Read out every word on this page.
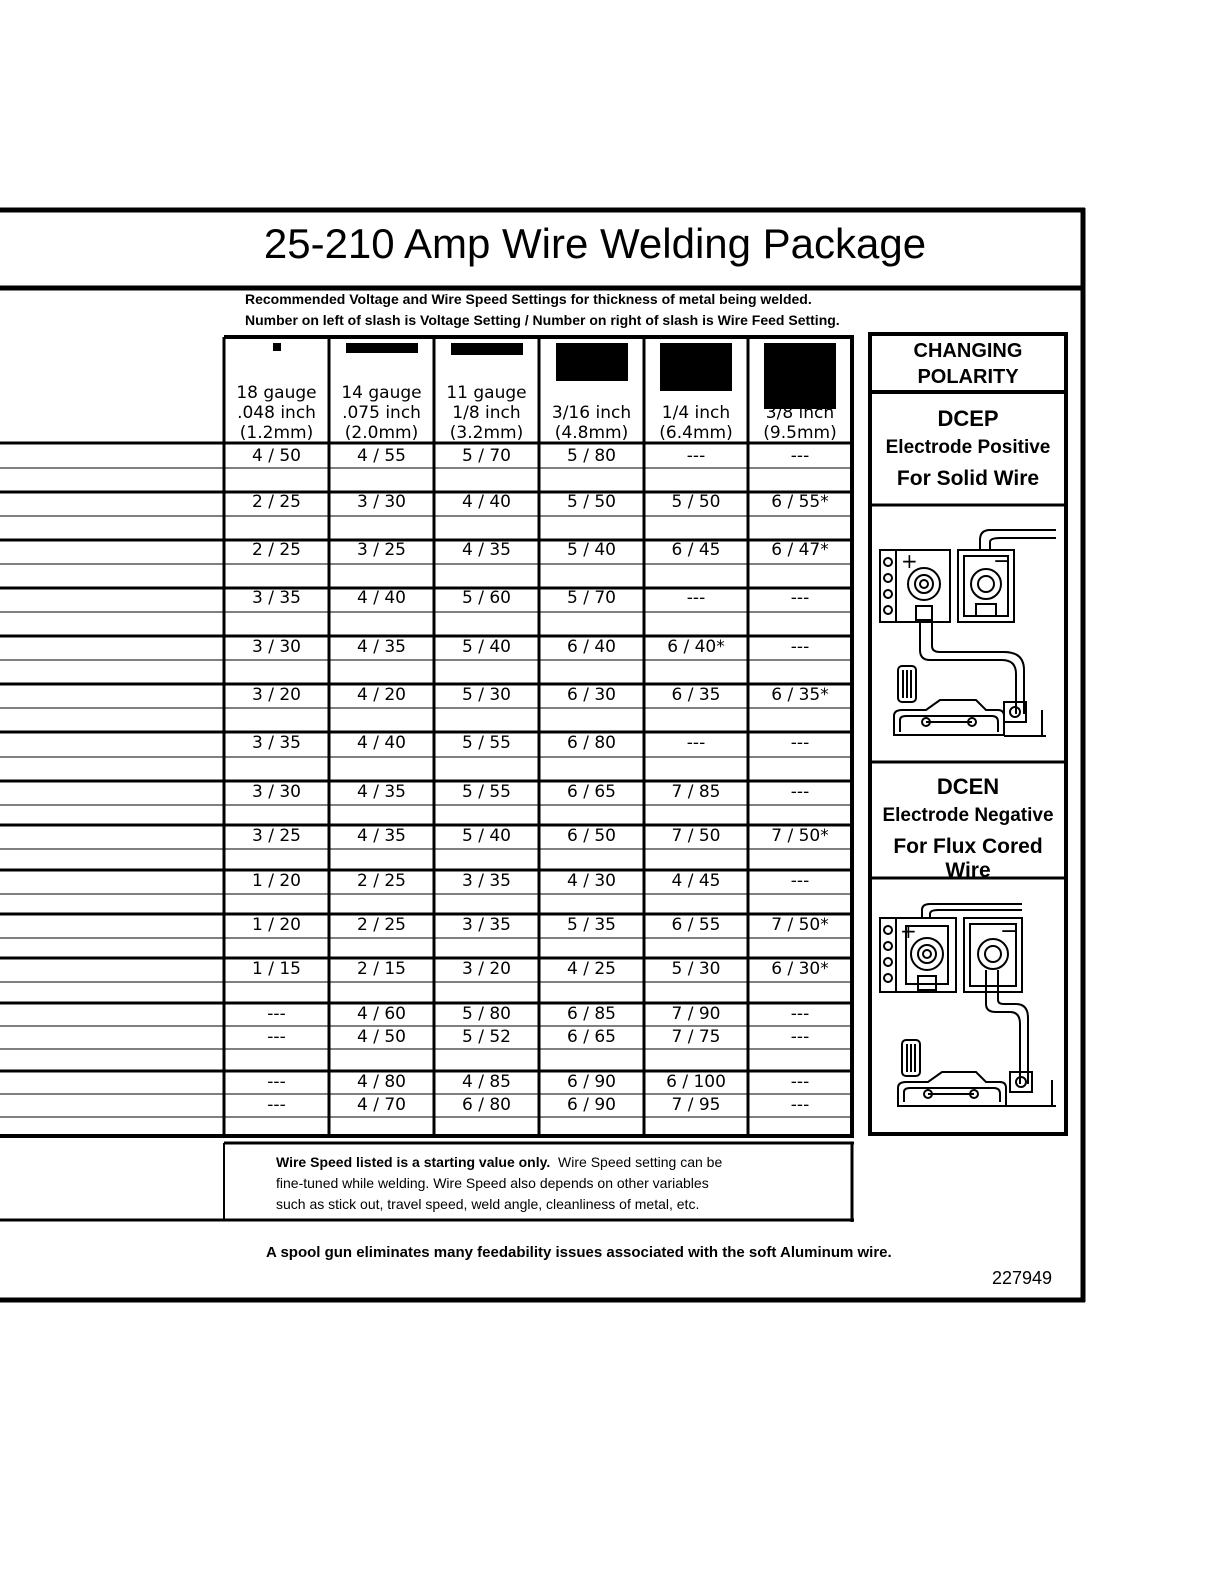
25-210 Amp Wire Welding Package
Recommended Voltage and Wire Speed Settings for thickness of metal being welded.
Number on left of slash is Voltage Setting / Number on right of slash is Wire Feed Setting.
18 gauge
.048 inch
(1.2mm)
14 gauge
.075 inch
(2.0mm)
11 gauge
1/8 inch
(3.2mm)

3/16 inch
(4.8mm)

1/4 inch
(6.4mm)

3/8 inch
(9.5mm)
4 / 50	4 / 55	5 / 70	5 / 80	---	---
2 / 25	3 / 30	4 / 40	5 / 50	5 / 50	6 / 55*
2 / 25	3 / 25	4 / 35	5 / 40	6 / 45	6 / 47*
3 / 35	4 / 40	5 / 60	5 / 70	---	---
3 / 30	4 / 35	5 / 40	6 / 40	6 / 40*	---
3 / 20	4 / 20	5 / 30	6 / 30	6 / 35	6 / 35*
3 / 35	4 / 40	5 / 55	6 / 80	---	---
3 / 30	4 / 35	5 / 55	6 / 65	7 / 85	---
3 / 25	4 / 35	5 / 40	6 / 50	7 / 50	7 / 50*
1 / 20	2 / 25	3 / 35	4 / 30	4 / 45	---
1 / 20	2 / 25	3 / 35	5 / 35	6 / 55	7 / 50*
1 / 15	2 / 15	3 / 20	4 / 25	5 / 30	6 / 30*
---	4 / 60	5 / 80	6 / 85	7 / 90	---
---	4 / 50	5 / 52	6 / 65	7 / 75	---
---	4 / 80	4 / 85	6 / 90	6 / 100	---
---	4 / 70	6 / 80	6 / 90	7 / 95	---
CHANGING POLARITY
DCEP
Electrode Positive
For Solid Wire
DCEN
Electrode Negative
For Flux Cored Wire
+	−
+	−
Wire Speed listed is a starting value only. Wire Speed setting can be
fine-tuned while welding. Wire Speed also depends on other variables
such as stick out, travel speed, weld angle, cleanliness of metal, etc.
A spool gun eliminates many feedability issues associated with the soft Aluminum wire.
227949
